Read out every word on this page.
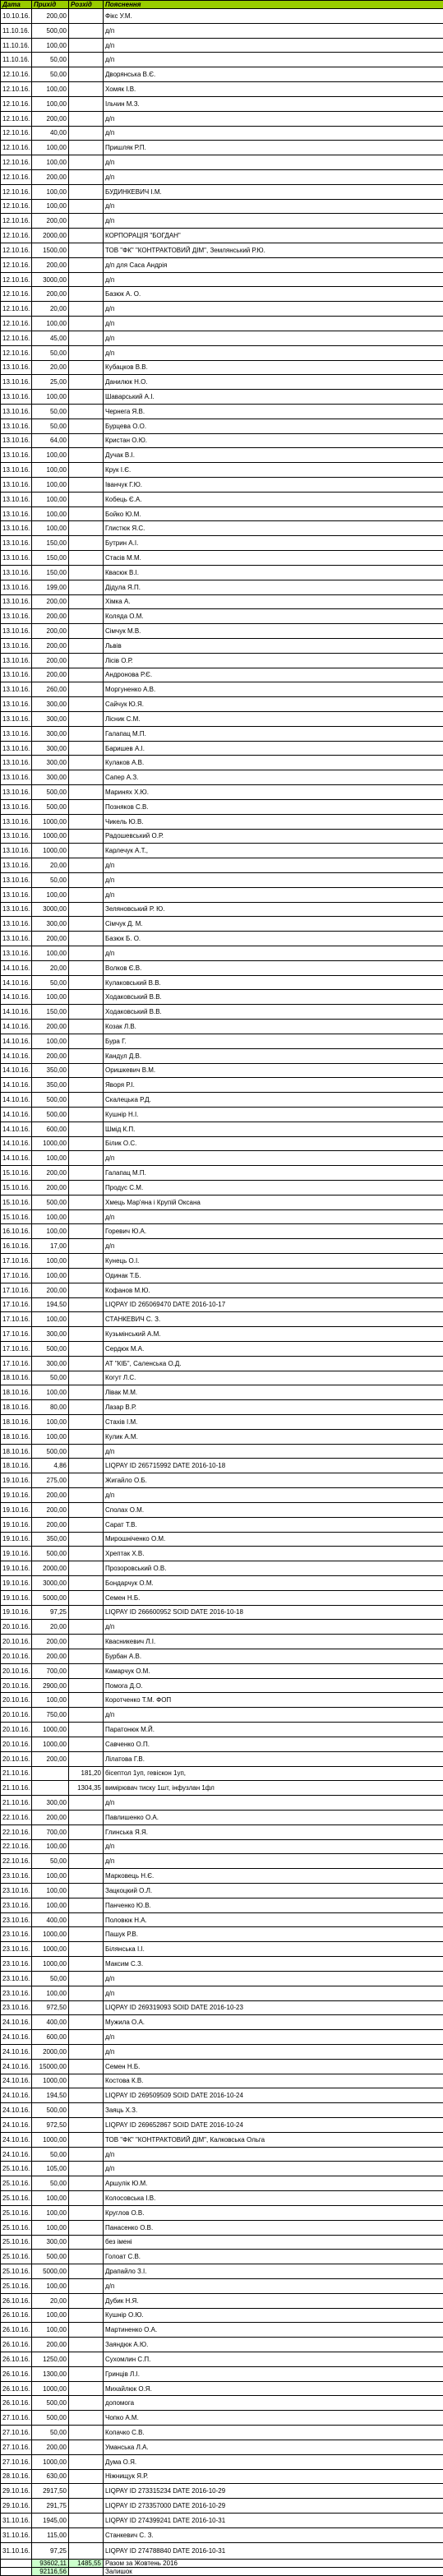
Дата	Прихід	Розхід	Пояснення
10.10.16.	200,00		Фікс У.М.
11.10.16.	500,00		д/п
11.10.16.	100,00		д/п
11.10.16.	50,00		д/п
12.10.16.	50,00		Дворянська В.Є.
12.10.16.	100,00		Хомяк І.В.
12.10.16.	100,00		Ільчин М.З.
12.10.16.	200,00		д/п
12.10.16.	40,00		д/п
12.10.16.	100,00		Пришляк Р.П.
12.10.16.	100,00		д/п
12.10.16.	200,00		д/п
12.10.16.	100,00		БУДИНКЕВИЧ І.М.
12.10.16.	100,00		д/п
12.10.16.	200,00		д/п
12.10.16.	2000,00		КОРПОРАЦІЯ "БОГДАН"
12.10.16.	1500,00		ТОВ "ФК" "КОНТРАКТОВИЙ ДІМ", Землянський Р.Ю.
12.10.16.	200,00		д/п для Саса Андрія
12.10.16.	3000,00		д/п
12.10.16.	200,00		Базюк А. О.
12.10.16.	20,00		д/п
12.10.16.	100,00		д/п
12.10.16.	45,00		д/п
12.10.16.	50,00		д/п
13.10.16.	20,00		Кубацков В.В.
13.10.16.	25,00		Данилюк Н.О.
13.10.16.	100,00		Шаварський А.І.
13.10.16.	50,00		Чернега Я.В.
13.10.16.	50,00		Бурцева О.О.
13.10.16.	64,00		Кристан О.Ю.
13.10.16.	100,00		Дучак В.І.
13.10.16.	100,00		Крук І.Є.
13.10.16.	100,00		Іванчук Г.Ю.
13.10.16.	100,00		Кобець Є.А.
13.10.16.	100,00		Бойко Ю.М.
13.10.16.	100,00		Глистюк Я.С.
13.10.16.	150,00		Бутрин А.І.
13.10.16.	150,00		Стасів М.М.
13.10.16.	150,00		Квасюк В.І.
13.10.16.	199,00		Дідула Я.П.
13.10.16.	200,00		Хімка А.
13.10.16.	200,00		Колядa О.М.
13.10.16.	200,00		Сімчук М.В.
13.10.16.	200,00		Львів
13.10.16.	200,00		Лісів О.Р.
13.10.16.	200,00		Андронова Р.Є.
13.10.16.	260,00		Моргуненко А.В.
13.10.16.	300,00		Сайчук Ю.Я.
13.10.16.	300,00		Лісник С.М.
13.10.16.	300,00		Галапац М.П.
13.10.16.	300,00		Баришев А.І.
13.10.16.	300,00		Кулаков А.В.
13.10.16.	300,00		Сапер А.З.
13.10.16.	500,00		Маринях Х.Ю.
13.10.16.	500,00		Позняков С.В.
13.10.16.	1000,00		Чикель Ю.В.
13.10.16.	1000,00		Радошевський О.Р.
13.10.16.	1000,00		Карлечук А.Т.,
13.10.16.	20,00		д/п
13.10.16.	50,00		д/п
13.10.16.	100,00		д/п
13.10.16.	3000,00		Зеляновський Р. Ю.
13.10.16.	300,00		Сімчук Д. М.
13.10.16.	200,00		Базюк Б. О.
13.10.16.	100,00		д/п
14.10.16.	20,00		Волков Є.В.
14.10.16.	50,00		Кулаковський В.В.
14.10.16.	100,00		Ходаковський В.В.
14.10.16.	150,00		Ходаковський В.В.
14.10.16.	200,00		Козак Л.В.
14.10.16.	100,00		Бура Г.
14.10.16.	200,00		Кандул Д.В.
14.10.16.	350,00		Оришкевич В.М.
14.10.16.	350,00		Яворя Р.І.
14.10.16.	500,00		Скалецька Р.Д.
14.10.16.	500,00		Кушнір Н.І.
14.10.16.	600,00		Шмід К.П.
14.10.16.	1000,00		Білик О.С.
14.10.16.	100,00		д/п
15.10.16.	200,00		Галапац М.П.
15.10.16.	200,00		Продус С.М.
15.10.16.	500,00		Хмець Мар'яна і Крупій Оксана
15.10.16.	100,00		д/п
16.10.16.	100,00		Горевич Ю.А.
16.10.16.	17,00		д/п
17.10.16.	100,00		Кунець О.І.
17.10.16.	100,00		Одинак Т.Б.
17.10.16.	200,00		Кофанов М.Ю.
17.10.16.	194,50		LIQPAY ID 265069470 DATE 2016-10-17
17.10.16.	100,00		СТАНКЕВИЧ С. З.
17.10.16.	300,00		Кузьмінський А.М.
17.10.16.	500,00		Сердюк М.А.
17.10.16.	300,00		АТ "КІБ", Салeнська О.Д.
18.10.16.	50,00		Когут Л.С.
18.10.16.	100,00		Лівак М.М.
18.10.16.	80,00		Лазар В.Р.
18.10.16.	100,00		Стахів І.М.
18.10.16.	100,00		Кулик А.М.
18.10.16.	500,00		д/п
18.10.16.	4,86		LIQPAY ID 265715992 DATE 2016-10-18
19.10.16.	275,00		Жигайло О.Б.
19.10.16.	200,00		д/п
19.10.16.	200,00		Сполах О.М.
19.10.16.	200,00		Сарат Т.В.
19.10.16.	350,00		Мирошніченко О.М.
19.10.16.	500,00		Хрептак Х.В.
19.10.16.	2000,00		Прозоровський О.В.
19.10.16.	3000,00		Бондарчук О.М.
19.10.16.	5000,00		Семен Н.Б.
19.10.16.	97,25		LIQPAY ID 266600952 SOID DATE 2016-10-18
20.10.16.	20,00		д/п
20.10.16.	200,00		Квасникевич Л.І.
20.10.16.	200,00		Бурбан А.В.
20.10.16.	700,00		Камарчук О.М.
20.10.16.	2900,00		Помога Д.О.
20.10.16.	100,00		Коротченко Т.М. ФОП
20.10.16.	750,00		д/п
20.10.16.	1000,00		Паратонюк М.Й.
20.10.16.	1000,00		Савченко О.П.
20.10.16.	200,00		Лілатова Г.В.
21.10.16.		181,20	бісептол 1уп, гевіскон 1уп,
21.10.16.		1304,35	вимірювач тиску 1шт, інфузлан 1фл
21.10.16.	300,00		д/п
22.10.16.	200,00		Павлишенко О.А.
22.10.16.	700,00		Глинська Я.Я.
22.10.16.	100,00		д/п
22.10.16.	50,00		д/п
23.10.16.	100,00		Марковець Н.Є.
23.10.16.	100,00		Зацкоцкий О.Л.
23.10.16.	100,00		Панченко Ю.В.
23.10.16.	400,00		Половюк Н.А.
23.10.16.	1000,00		Пашук Р.В.
23.10.16.	1000,00		Білянська І.І.
23.10.16.	1000,00		Максим С.З.
23.10.16.	50,00		д/п
23.10.16.	100,00		д/п
23.10.16.	972,50		LIQPAY ID 269319093 SOID DATE 2016-10-23
24.10.16.	400,00		Мужила О.А.
24.10.16.	600,00		д/п
24.10.16.	2000,00		д/п
24.10.16.	15000,00		Семен Н.Б.
24.10.16.	1000,00		Костова К.В.
24.10.16.	194,50		LIQPAY ID 269509509 SOID DATE 2016-10-24
24.10.16.	500,00		Заяць Х.З.
24.10.16.	972,50		LIQPAY ID 269652867 SOID DATE 2016-10-24
24.10.16.	1000,00		ТОВ "ФК" "КОНТРАКТОВИЙ ДІМ", Калковська Ольга
24.10.16.	50,00		д/п
25.10.16.	105,00		д/п
25.10.16.	50,00		Аршулік Ю.М.
25.10.16.	100,00		Колосовська І.В.
25.10.16.	100,00		Круглов О.В.
25.10.16.	100,00		Панасенко О.В.
25.10.16.	300,00		без імені
25.10.16.	500,00		Голоат С.В.
25.10.16.	5000,00		Драпайло З.І.
25.10.16.	100,00		д/п
26.10.16.	20,00		Дубик Н.Я.
26.10.16.	100,00		Кушнір О.Ю.
26.10.16.	100,00		Мартиненко О.А.
26.10.16.	200,00		Заяндюк А.Ю.
26.10.16.	1250,00		Сухомлин С.П.
26.10.16.	1300,00		Гринців Л.І.
26.10.16.	1000,00		Михайлюк О.Я.
26.10.16.	500,00		допомога
27.10.16.	500,00		Чопко А.М.
27.10.16.	50,00		Копачко С.В.
27.10.16.	200,00		Уманська Л.А.
27.10.16.	1000,00		Дума О.Я.
28.10.16.	630,00		Ніжнищук Я.Р.
29.10.16.	2917,50		LIQPAY ID 273315234 DATE 2016-10-29
29.10.16.	291,75		LIQPAY ID 273357000 DATE 2016-10-29
31.10.16.	1945,00		LIQPAY ID 274399241 DATE 2016-10-31
31.10.16.	115,00		Станкевич С. З.
31.10.16.	97,25		LIQPAY ID 274788840 DATE 2016-10-31
	93602,11	1485,55	Разом за Жовтень 2016
	92116,56		Залишок
